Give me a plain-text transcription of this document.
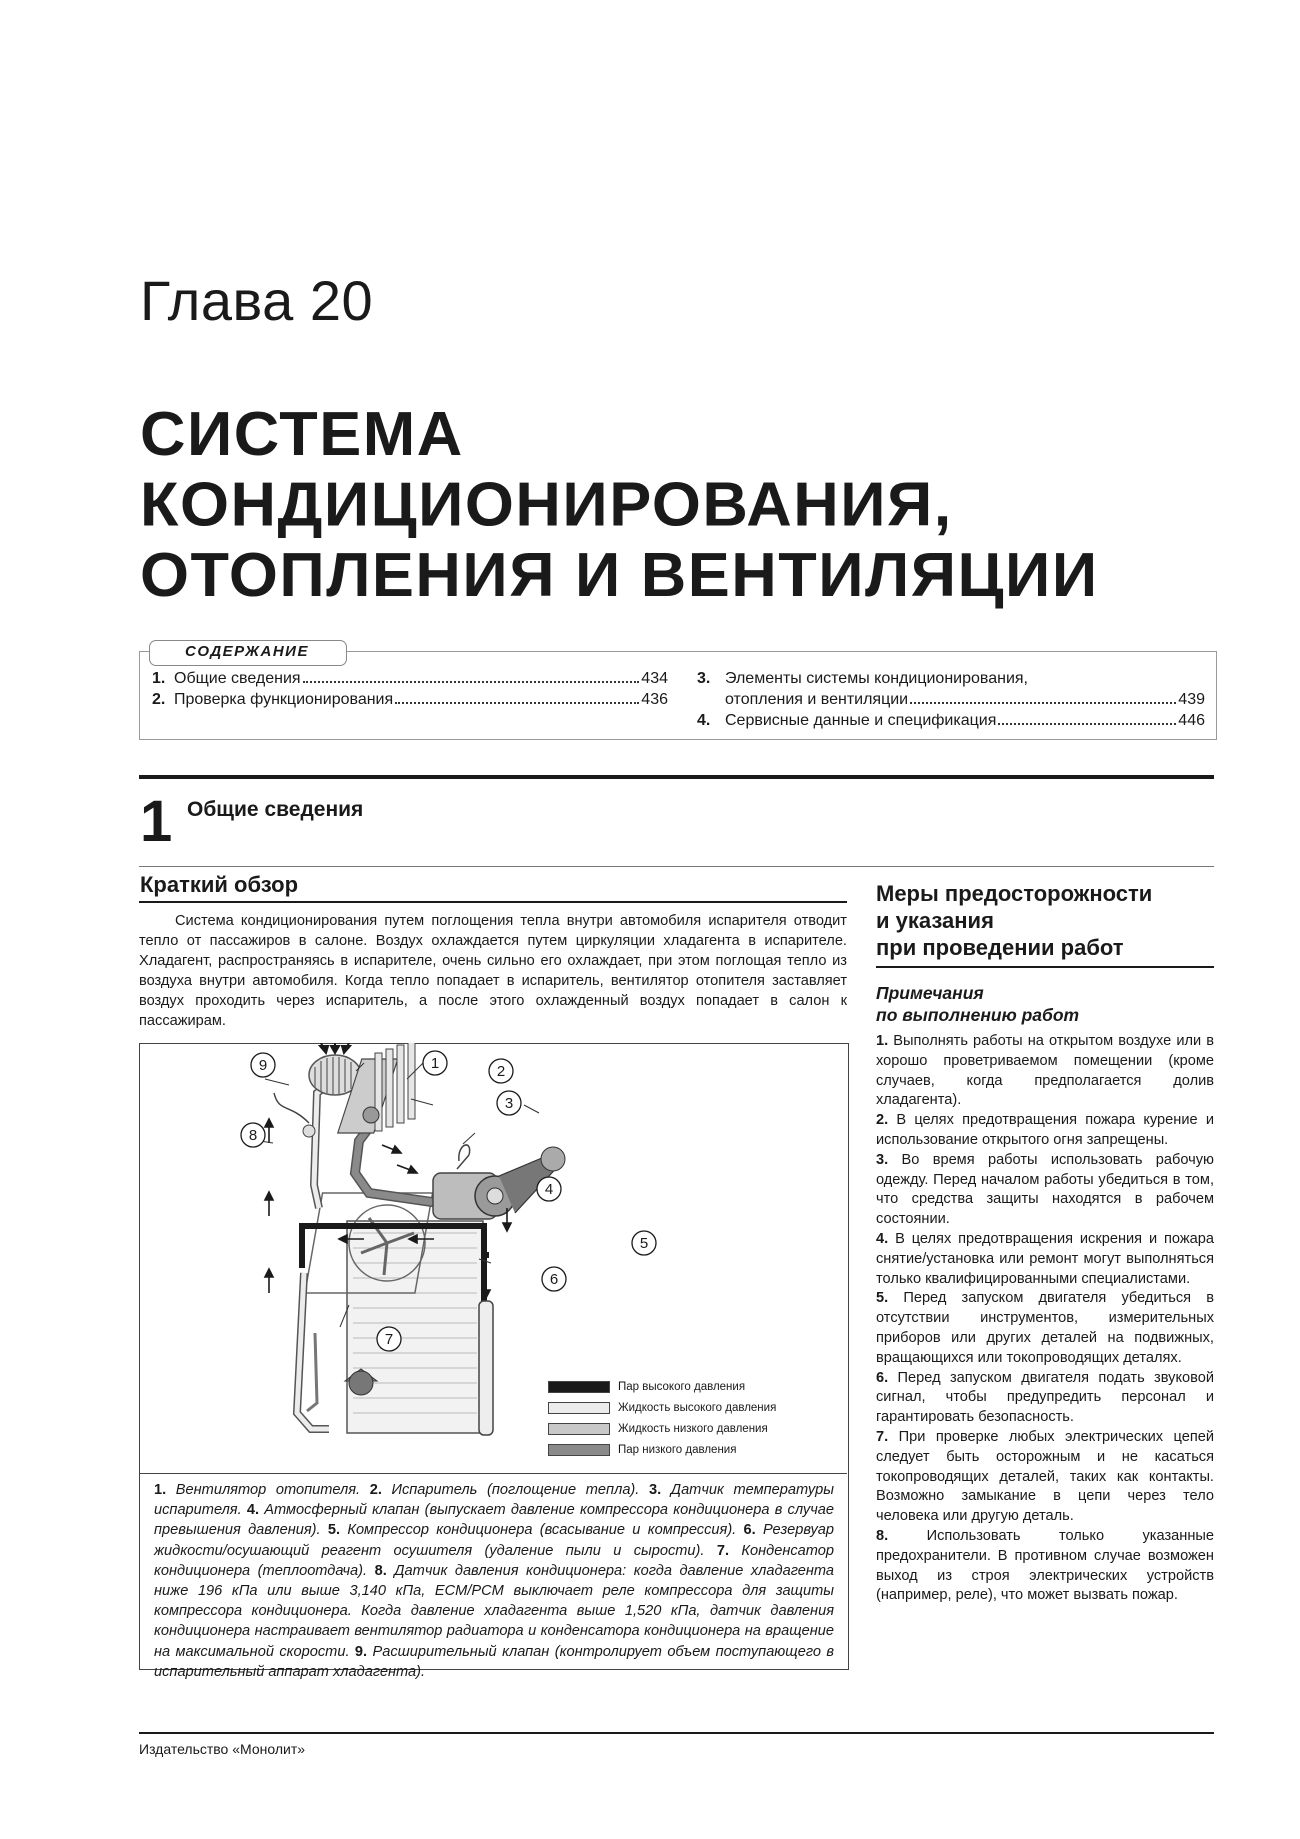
Глава 20
СИСТЕМА
КОНДИЦИОНИРОВАНИЯ,
ОТОПЛЕНИЯ И ВЕНТИЛЯЦИИ
СОДЕРЖАНИЕ
1. Общие сведения	434
2. Проверка функционирования	436
3. Элементы системы кондиционирования,
отопления и вентиляции	439
4. Сервисные данные и спецификация	446
1 Общие сведения
Краткий обзор

Система кондиционирования путем поглощения тепла внутри автомобиля испарителя отводит тепло от пассажиров в салоне. Воздух охлаждается путем циркуляции хладагента в испарителе. Хладагент, распространяясь в испарителе, очень сильно его охлаждает, при этом поглощая тепло из воздуха внутри автомобиля. Когда тепло попадает в испаритель, вентилятор отопителя заставляет воздух проходить через испаритель, а после этого охлажденный воздух попадает в салон к пассажирам.

1	2
3
4
5
6
7
8
9
Пар высокого давления
Жидкость высокого давления
Жидкость низкого давления
Пар низкого давления
1. Вентилятор отопителя. 2. Испаритель (поглощение тепла). 3. Датчик температуры испарителя. 4. Атмосферный клапан (выпускает давление компрессора кондиционера в случае превышения давления). 5. Компрессор кондиционера (всасывание и компрессия). 6. Резервуар жидкости/осушающий реагент осушителя (удаление пыли и сырости). 7. Конденсатор кондиционера (теплоотдача). 8. Датчик давления кондиционера: когда давление хладагента ниже 196 кПа или выше 3,140 кПа, ECM/PCM выключает реле компрессора для защиты компрессора кондиционера. Когда давление хладагента выше 1,520 кПа, датчик давления кондиционера настраивает вентилятор радиатора и конденсатора кондиционера на вращение на максимальной скорости. 9. Расширительный клапан (контролирует объем поступающего в испарительный аппарат хладагента).
Меры предосторожности
и указания
при проведении работ
Примечания
по выполнению работ

1. Выполнять работы на открытом воздухе или в хорошо проветриваемом помещении (кроме случаев, когда предполагается долив хладагента).

2. В целях предотвращения пожара курение и использование открытого огня запрещены.

3. Во время работы использовать рабочую одежду. Перед началом работы убедиться в том, что средства защиты находятся в рабочем состоянии.

4. В целях предотвращения искрения и пожара снятие/установка или ремонт могут выполняться только квалифицированными специалистами.

5. Перед запуском двигателя убедиться в отсутствии инструментов, измерительных приборов или других деталей на подвижных, вращающихся или токопроводящих деталях.

6. Перед запуском двигателя подать звуковой сигнал, чтобы предупредить персонал и гарантировать безопасность.

7. При проверке любых электрических цепей следует быть осторожным и не касаться токопроводящих деталей, таких как контакты. Возможно замыкание в цепи через тело человека или другую деталь.

8. Использовать только указанные предохранители. В противном случае возможен выход из строя электрических устройств (например, реле), что может вызвать пожар.

Издательство «Монолит»
